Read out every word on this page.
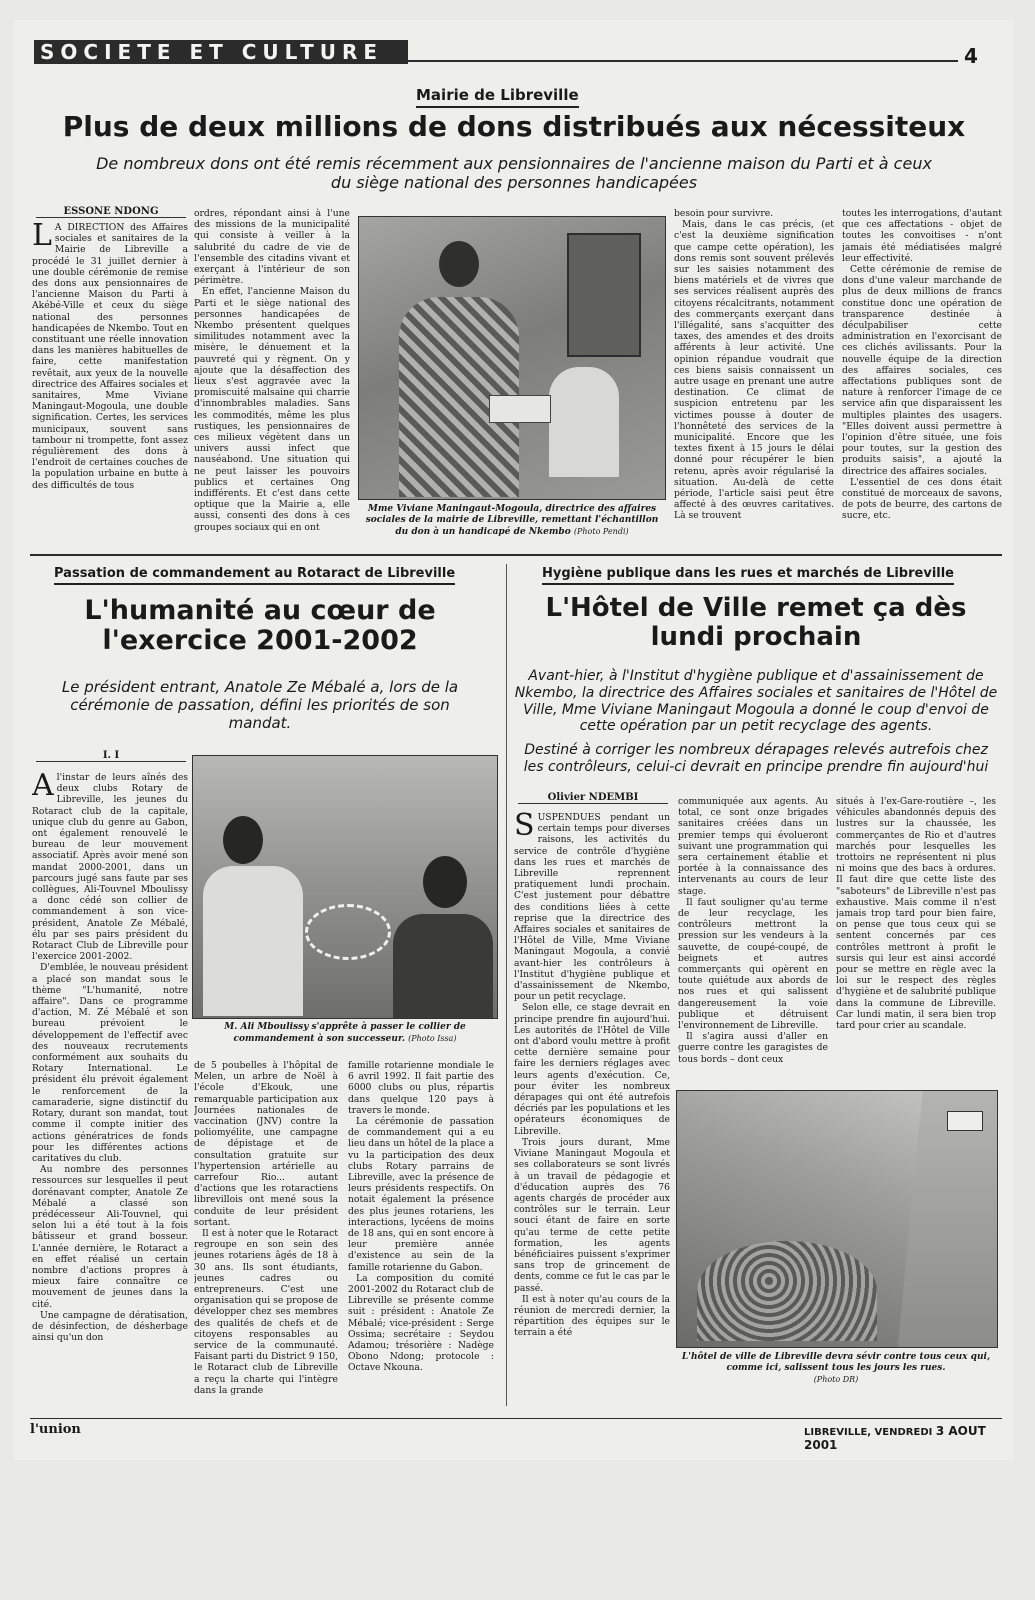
SOCIETE ET CULTURE	4
Mairie de Libreville
Plus de deux millions de dons distribués aux nécessiteux
De nombreux dons ont été remis récemment aux pensionnaires de l'ancienne maison du Parti et à ceux du siège national des personnes handicapées
ESSONE NDONG
L A DIRECTION des Affaires sociales et sanitaires de la Mairie de Libreville a procédé le 31 juillet dernier à une double cérémonie de remise des dons aux pensionnaires de l'ancienne Maison du Parti à Akébé-Ville et ceux du siège national des personnes handicapées de Nkembo. Tout en constituant une réelle innovation dans les manières habituelles de faire, cette manifestation revêtait, aux yeux de la nouvelle directrice des Affaires sociales et sanitaires, Mme Viviane Maningaut-Mogoula, une double signification. Certes, les services municipaux, souvent sans tambour ni trompette, font assez régulièrement des dons à l'endroit de certaines couches de la population urbaine en butte à des difficultés de tous

ordres, répondant ainsi à l'une des missions de la municipalité qui consiste à veiller à la salubrité du cadre de vie de l'ensemble des citadins vivant et exerçant à l'intérieur de son périmètre.

En effet, l'ancienne Maison du Parti et le siège national des personnes handicapées de Nkembo présentent quelques similitudes notamment avec la misère, le dénuement et la pauvreté qui y règnent. On y ajoute que la désaffection des lieux s'est aggravée avec la promiscuité malsaine qui charrie d'innombrables maladies. Sans les commodités, même les plus rustiques, les pensionnaires de ces milieux végètent dans un univers aussi infect que nauséabond. Une situation qui ne peut laisser les pouvoirs publics et certaines Ong indifférents. Et c'est dans cette optique que la Mairie a, elle aussi, consenti des dons à ces groupes sociaux qui en ont

Mme Viviane Maningaut-Mogoula, directrice des affaires sociales de la mairie de Libreville, remettant l'échantillon du don à un handicapé de Nkembo (Photo Pendi)

besoin pour survivre.

Mais, dans le cas précis, (et c'est la deuxième signification que campe cette opération), les dons remis sont souvent prélevés sur les saisies notamment des biens matériels et de vivres que ses services réalisent auprès des citoyens récalcitrants, notamment des commerçants exerçant dans l'illégalité, sans s'acquitter des taxes, des amendes et des droits afférents à leur activité. Une opinion répandue voudrait que ces biens saisis connaissent un autre usage en prenant une autre destination. Ce climat de suspicion entretenu par les victimes pousse à douter de l'honnêteté des services de la municipalité. Encore que les textes fixent à 15 jours le délai donné pour récupérer le bien retenu, après avoir régularisé la situation. Au-delà de cette période, l'article saisi peut être affecté à des œuvres caritatives. Là se trouvent

toutes les interrogations, d'autant que ces affectations - objet de toutes les convoitises - n'ont jamais été médiatisées malgré leur effectivité.

Cette cérémonie de remise de dons d'une valeur marchande de plus de deux millions de francs constitue donc une opération de transparence destinée à déculpabiliser cette administration en l'exorcisant de ces clichés avilissants. Pour la nouvelle équipe de la direction des affaires sociales, ces affectations publiques sont de nature à renforcer l'image de ce service afin que disparaissent les multiples plaintes des usagers. "Elles doivent aussi permettre à l'opinion d'être située, une fois pour toutes, sur la gestion des produits saisis", a ajouté la directrice des affaires sociales.

L'essentiel de ces dons était constitué de morceaux de savons, de pots de beurre, des cartons de sucre, etc.

Passation de commandement au Rotaract de Libreville
L'humanité au cœur de l'exercice 2001-2002
Le président entrant, Anatole Ze Mébalé a, lors de la cérémonie de passation, défini les priorités de son mandat.
I. I
Al'instar de leurs aînés des deux clubs Rotary de Libreville, les jeunes du Rotaract club de la capitale, unique club du genre au Gabon, ont également renouvelé le bureau de leur mouvement associatif. Après avoir mené son mandat 2000-2001, dans un parcours jugé sans faute par ses collègues, Ali-Touvnel Mboulissy a donc cédé son collier de commandement à son vice-président, Anatole Ze Mébalé, élu par ses pairs président du Rotaract Club de Libreville pour l'exercice 2001-2002.

D'emblée, le nouveau président a placé son mandat sous le thème "L'humanité, notre affaire". Dans ce programme d'action, M. Zé Mébalé et son bureau prévoient le développement de l'effectif avec des nouveaux recrutements conformément aux souhaits du Rotary International. Le président élu prévoit également le renforcement de la camaraderie, signe distinctif du Rotary, durant son mandat, tout comme il compte initier des actions génératrices de fonds pour les différentes actions caritatives du club.

Au nombre des personnes ressources sur lesquelles il peut dorénavant compter, Anatole Ze Mébalé a classé son prédécesseur Ali-Touvnel, qui selon lui a été tout à la fois bâtisseur et grand bosseur. L'année dernière, le Rotaract a en effet réalisé un certain nombre d'actions propres à mieux faire connaître ce mouvement de jeunes dans la cité.

Une campagne de dératisation, de désinfection, de désherbage ainsi qu'un don

M. Ali Mboulissy s'apprête à passer le collier de commandement à son successeur. (Photo Issa)

de 5 poubelles à l'hôpital de Melen, un arbre de Noël à l'école d'Ekouk, une remarquable participation aux Journées nationales de vaccination (JNV) contre la poliomyélite, une campagne de dépistage et de consultation gratuite sur l'hypertension artérielle au carrefour Rio... autant d'actions que les rotaractiens librevillois ont mené sous la conduite de leur président sortant.

Il est à noter que le Rotaract regroupe en son sein des jeunes rotariens âgés de 18 à 30 ans. Ils sont étudiants, jeunes cadres ou entrepreneurs. C'est une organisation qui se propose de développer chez ses membres des qualités de chefs et de citoyens responsables au service de la communauté. Faisant parti du District 9 150, le Rotaract club de Libreville a reçu la charte qui l'intègre dans la grande

famille rotarienne mondiale le 6 avril 1992. Il fait partie des 6000 clubs ou plus, répartis dans quelque 120 pays à travers le monde.

La cérémonie de passation de commandement qui a eu lieu dans un hôtel de la place a vu la participation des deux clubs Rotary parrains de Libreville, avec la présence de leurs présidents respectifs. On notait également la présence des plus jeunes rotariens, les interactions, lycéens de moins de 18 ans, qui en sont encore à leur première année d'existence au sein de la famille rotarienne du Gabon.

La composition du comité 2001-2002 du Rotaract club de Libreville se présente comme suit : président : Anatole Ze Mébalé; vice-président : Serge Ossima; secrétaire : Seydou Adamou; trésorière : Nadège Obono Ndong; protocole : Octave Nkouna.

Hygiène publique dans les rues et marchés de Libreville
L'Hôtel de Ville remet ça dès lundi prochain
Avant-hier, à l'Institut d'hygiène publique et d'assainissement de Nkembo, la directrice des Affaires sociales et sanitaires de l'Hôtel de Ville, Mme Viviane Maningaut Mogoula a donné le coup d'envoi de cette opération par un petit recyclage des agents.
Destiné à corriger les nombreux dérapages relevés autrefois chez les contrôleurs, celui-ci devrait en principe prendre fin aujourd'hui
Olivier NDEMBI
SUSPENDUES pendant un certain temps pour diverses raisons, les activités du service de contrôle d'hygiène dans les rues et marchés de Libreville reprennent pratiquement lundi prochain. C'est justement pour débattre des conditions liées à cette reprise que la directrice des Affaires sociales et sanitaires de l'Hôtel de Ville, Mme Viviane Maningaut Mogoula, a convié avant-hier les contrôleurs à l'Institut d'hygiène publique et d'assainissement de Nkembo, pour un petit recyclage.

Selon elle, ce stage devrait en principe prendre fin aujourd'hui. Les autorités de l'Hôtel de Ville ont d'abord voulu mettre à profit cette dernière semaine pour faire les derniers réglages avec leurs agents d'exécution. Ce, pour éviter les nombreux dérapages qui ont été autrefois décriés par les populations et les opérateurs économiques de Libreville.

Trois jours durant, Mme Viviane Maningaut Mogoula et ses collaborateurs se sont livrés à un travail de pédagogie et d'éducation auprès des 76 agents chargés de procéder aux contrôles sur le terrain. Leur souci étant de faire en sorte qu'au terme de cette petite formation, les agents bénéficiaires puissent s'exprimer sans trop de grincement de dents, comme ce fut le cas par le passé.

Il est à noter qu'au cours de la réunion de mercredi dernier, la répartition des équipes sur le terrain a été

communiquée aux agents. Au total, ce sont onze brigades sanitaires créées dans un premier temps qui évolueront suivant une programmation qui sera certainement établie et portée à la connaissance des intervenants au cours de leur stage.

Il faut souligner qu'au terme de leur recyclage, les contrôleurs mettront la pression sur les vendeurs à la sauvette, de coupé-coupé, de beignets et autres commerçants qui opèrent en toute quiétude aux abords de nos rues et qui salissent dangereusement la voie publique et détruisent l'environnement de Libreville.

Il s'agira aussi d'aller en guerre contre les garagistes de tous bords – dont ceux

situés à l'ex-Gare-routière –, les véhicules abandonnés depuis des lustres sur la chaussée, les commerçantes de Rio et d'autres marchés pour lesquelles les trottoirs ne représentent ni plus ni moins que des bacs à ordures. Il faut dire que cette liste des "saboteurs" de Libreville n'est pas exhaustive. Mais comme il n'est jamais trop tard pour bien faire, on pense que tous ceux qui se sentent concernés par ces contrôles mettront à profit le sursis qui leur est ainsi accordé pour se mettre en règle avec la loi sur le respect des règles d'hygiène et de salubrité publique dans la commune de Libreville. Car lundi matin, il sera bien trop tard pour crier au scandale.

L'hôtel de ville de Libreville devra sévir contre tous ceux qui, comme ici, salissent tous les jours les rues.
(Photo DR)
l'union	LIBREVILLE, VENDREDI 3 AOUT 2001
